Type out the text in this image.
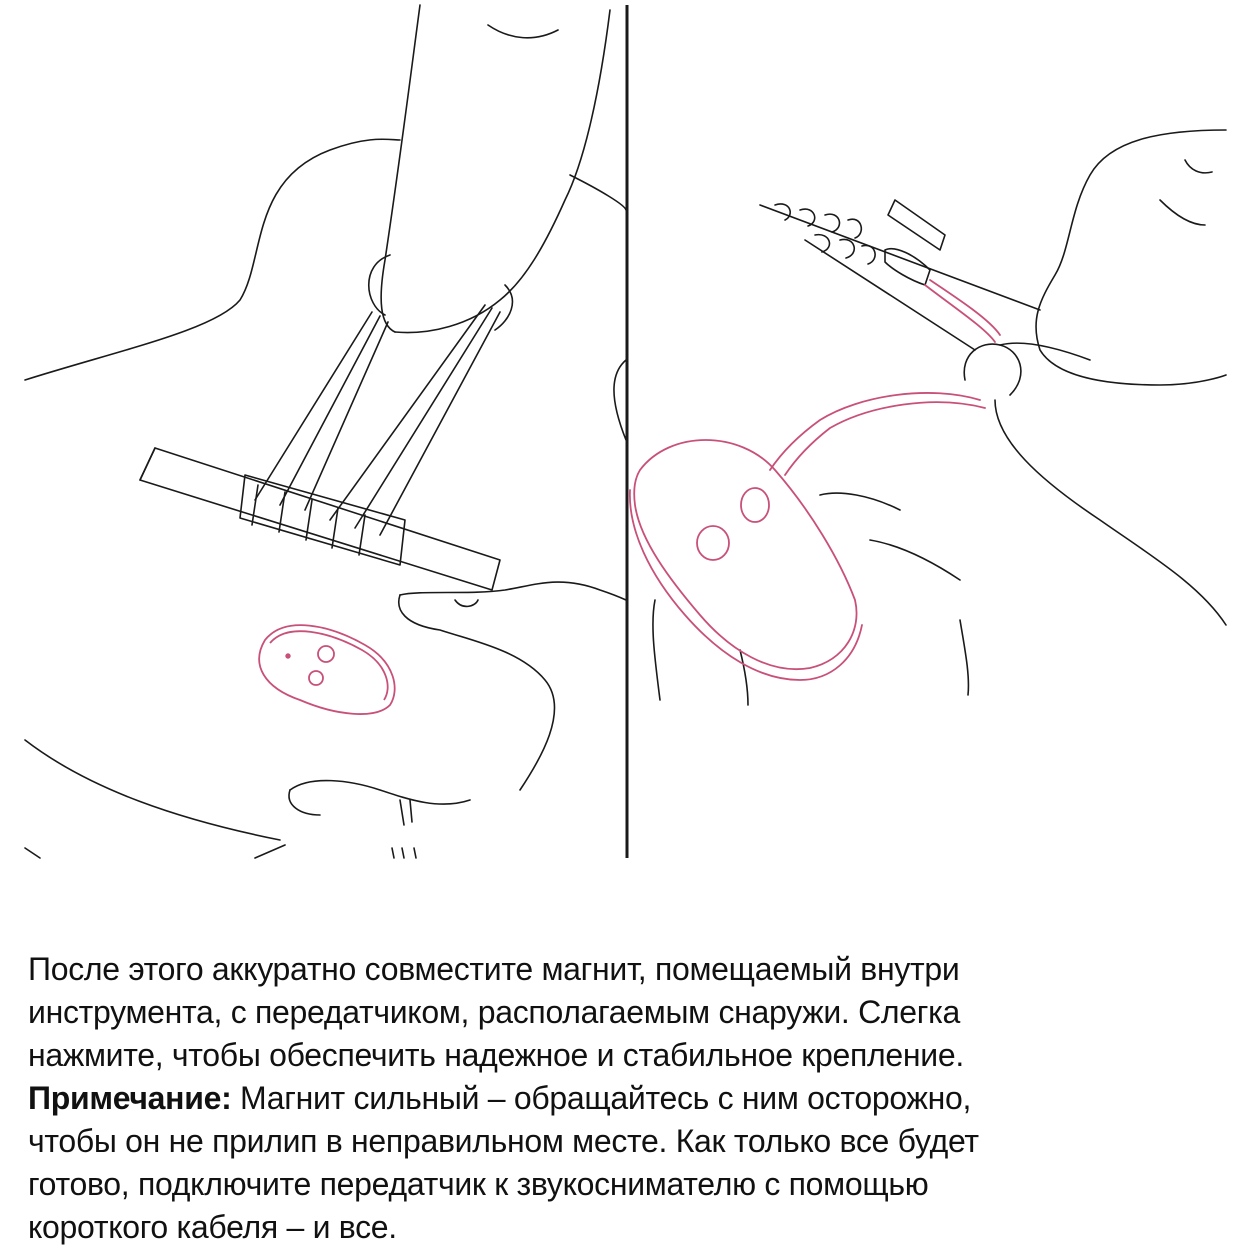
После этого аккуратно совместите магнит, помещаемый внутри

инструмента, с передатчиком, располагаемым снаружи. Слегка

нажмите, чтобы обеспечить надежное и стабильное крепление.

Примечание: Магнит сильный – обращайтесь с ним осторожно,

чтобы он не прилип в неправильном месте. Как только все будет

готово, подключите передатчик к звукоснимателю с помощью

короткого кабеля – и все.
